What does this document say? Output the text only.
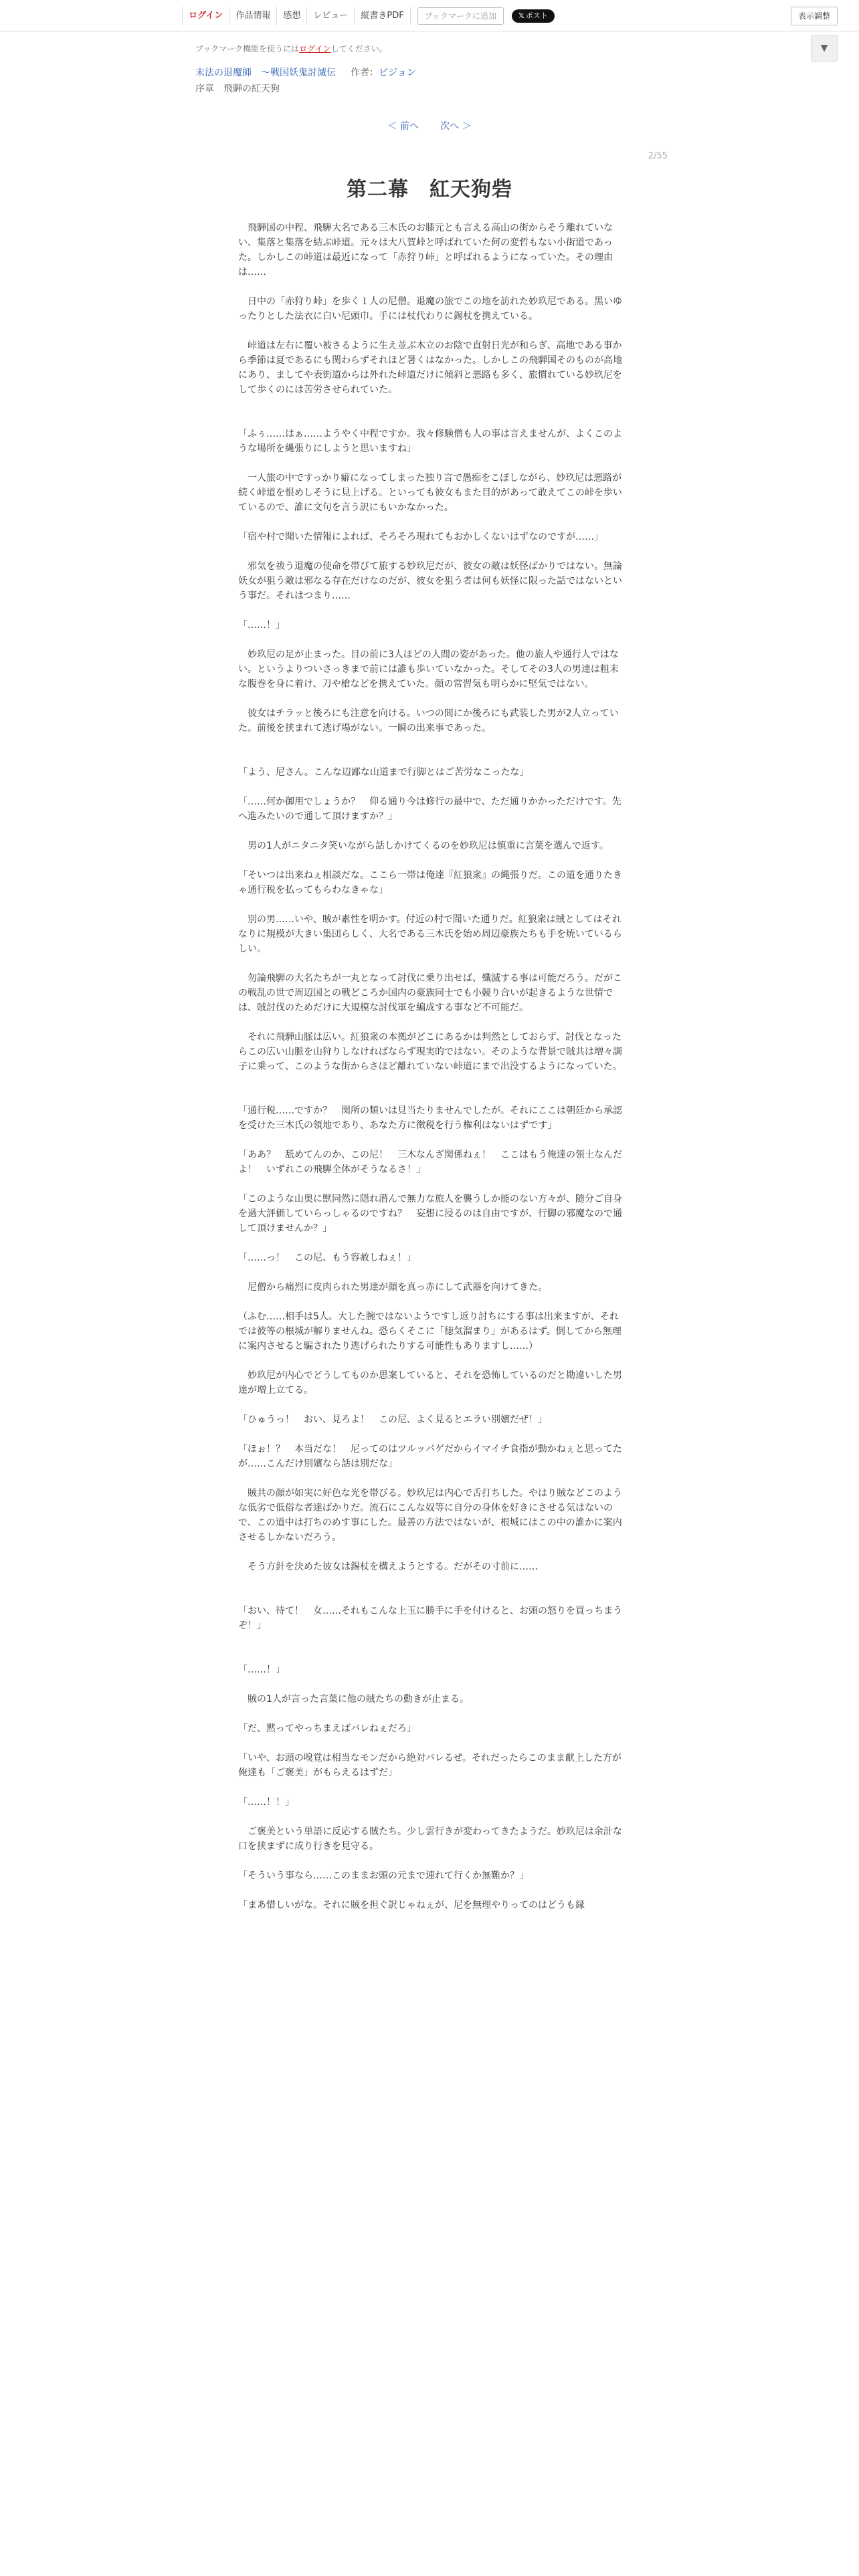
ログイン	作品情報	感想	レビュー	縦書きPDF	ブックマークに追加	𝕏 ポスト	表示調整
ブックマーク機能を使うにはログインしてください。	▼
末法の退魔師　〜戦国妖鬼討滅伝 作者：ビジョン
序章 飛騨の紅天狗
＜ 前へ 次へ ＞
2/55
第二幕　紅天狗砦

　飛騨国の中程、飛騨大名である三木氏のお膝元とも言える高山の街からそう離れていない、集落と集落を結ぶ峠道。元々は大八賀峠と呼ばれていた何の変哲もない小街道であった。しかしこの峠道は最近になって「赤狩り峠」と呼ばれるようになっていた。その理由は……

　日中の「赤狩り峠」を歩く１人の尼僧。退魔の旅でこの地を訪れた妙玖尼である。黒いゆったりとした法衣に白い尼頭巾。手には杖代わりに錫杖を携えている。

　峠道は左右に覆い被さるように生え並ぶ木立のお陰で直射日光が和らぎ、高地である事から季節は夏であるにも関わらずそれほど暑くはなかった。しかしこの飛騨国そのものが高地にあり、ましてや表街道からは外れた峠道だけに傾斜と悪路も多く、旅慣れている妙玖尼をして歩くのには苦労させられていた。

「ふぅ……はぁ……ようやく中程ですか。我々修験僧も人の事は言えませんが、よくこのような場所を縄張りにしようと思いますね」

　一人旅の中ですっかり癖になってしまった独り言で愚痴をこぼしながら、妙玖尼は悪路が続く峠道を恨めしそうに見上げる。といっても彼女もまた目的があって敢えてこの峠を歩いているので、誰に文句を言う訳にもいかなかった。

「宿や村で聞いた情報によれば、そろそろ現れてもおかしくないはずなのですが……」

　邪気を祓う退魔の使命を帯びて旅する妙玖尼だが、彼女の敵は妖怪ばかりではない。無論妖女が狙う敵は邪なる存在だけなのだが、彼女を狙う者は何も妖怪に限った話ではないという事だ。それはつまり……

「……！」

　妙玖尼の足が止まった。目の前に3人ほどの人間の姿があった。他の旅人や通行人ではない。というよりついさっきまで前には誰も歩いていなかった。そしてその3人の男達は粗末な腹巻を身に着け、刀や槍などを携えていた。顔の常習気も明らかに堅気ではない。

　彼女はチラッと後ろにも注意を向ける。いつの間にか後ろにも武装した男が2人立っていた。前後を挟まれて逃げ場がない。一瞬の出来事であった。

「よう、尼さん。こんな辺鄙な山道まで行脚とはご苦労なこったな」

「……何か御用でしょうか？　仰る通り今は修行の最中で、ただ通りかかっただけです。先へ進みたいので通して頂けますか？」

　男の1人がニタニタ笑いながら話しかけてくるのを妙玖尼は慎重に言葉を選んで返す。

「そいつは出来ねぇ相談だな。ここら一帯は俺達『紅狼衆』の縄張りだ。この道を通りたきゃ通行税を払ってもらわなきゃな」

　別の男……いや、賊が素性を明かす。付近の村で聞いた通りだ。紅狼衆は賊としてはそれなりに規模が大きい集団らしく、大名である三木氏を始め周辺豪族たちも手を焼いているらしい。

　勿論飛騨の大名たちが一丸となって討伐に乗り出せば、殲滅する事は可能だろう。だがこの戦乱の世で周辺国との戦どころか国内の豪族同士でも小競り合いが起きるような世情では、賊討伐のためだけに大規模な討伐軍を編成する事など不可能だ。

　それに飛騨山脈は広い。紅狼衆の本拠がどこにあるかは判然としておらず、討伐となったらこの広い山脈を山狩りしなければならず現実的ではない。そのような背景で賊共は増々調子に乗って、このような街からさほど離れていない峠道にまで出没するようになっていた。

「通行税……ですか？　関所の類いは見当たりませんでしたが。それにここは朝廷から承認を受けた三木氏の領地であり、あなた方に徴税を行う権利はないはずです」

「ああ？　舐めてんのか、この尼！　三木なんざ関係ねぇ！　ここはもう俺達の領土なんだよ！　いずれこの飛騨全体がそうなるさ！」

「このような山奥に獣同然に隠れ潜んで無力な旅人を襲うしか能のない方々が、随分ご自身を過大評価していらっしゃるのですね？　妄想に浸るのは自由ですが、行脚の邪魔なので通して頂けませんか？」

「……っ！　この尼、もう容赦しねぇ！」

　尼僧から痛烈に皮肉られた男達が顔を真っ赤にして武器を向けてきた。

（ふむ……相手は5人。大した腕ではないようですし返り討ちにする事は出来ますが、それでは彼等の根城が解りませんね。恐らくそこに「徳気溜まり」があるはず。倒してから無理に案内させると騙されたり逃げられたりする可能性もありますし……）

　妙玖尼が内心でどうしてものか思案していると、それを恐怖しているのだと勘違いした男達が増上立てる。

「ひゅうっ！　おい、見ろよ！　この尼、よく見るとエラい別嬪だぜ！」

「ほぉ！？　本当だな！　尼ってのはツルッパゲだからイマイチ食指が動かねぇと思ってたが……こんだけ別嬪なら話は別だな」

　賊共の顔が如実に好色な光を帯びる。妙玖尼は内心で舌打ちした。やはり賊などこのような低劣で低俗な者達ばかりだ。流石にこんな奴等に自分の身体を好きにさせる気はないので、この道中は打ちのめす事にした。最善の方法ではないが、根城にはこの中の誰かに案内させるしかないだろう。

　そう方針を決めた彼女は錫杖を構えようとする。だがその寸前に……

「おい、待て！　女……それもこんな上玉に勝手に手を付けると、お頭の怒りを買っちまうぞ！」

「……！」

　賊の1人が言った言葉に他の賊たちの動きが止まる。

「だ、黙ってやっちまえばバレねぇだろ」

「いや、お頭の嗅覚は相当なモンだから絶対バレるぜ。それだったらこのまま献上した方が俺達も「ご褒美」がもらえるはずだ」

「……！！」

　ご褒美という単語に反応する賊たち。少し雲行きが変わってきたようだ。妙玖尼は余計な口を挟まずに成り行きを見守る。

「そういう事なら……このままお頭の元まで連れて行くか無難か？」

「まあ惜しいがな。それに賊を担ぐ訳じゃねぇが、尼を無理やりってのはどうも縁
